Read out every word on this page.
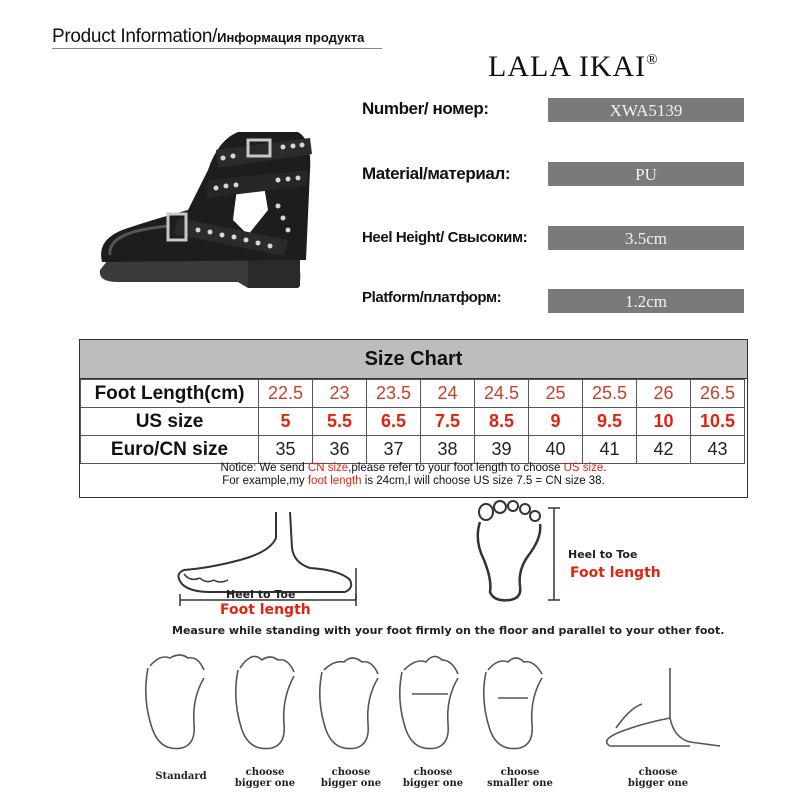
Product Information/Информация продукта
LALA IKAI®
Number/ номер:	XWA5139
Material/материал:	PU
Heel Height/ Свысоким:	3.5cm
Platform/платформ:	1.2cm
Size Chart
Foot Length(cm)	22.5	23	23.5	24	24.5	25	25.5	26	26.5
US size	5	5.5	6.5	7.5	8.5	9	9.5	10	10.5
Euro/CN size	35	36	37	38	39	40	41	42	43
Notice: We send CN size,please refer to your foot length to choose US size.
For example,my foot length is 24cm,I will choose US size 7.5 = CN size 38.
Heel to Toe
Foot length
Heel to Toe
Foot length
Measure while standing with your foot firmly on the floor and parallel to your other foot.
Standard	choose
bigger one
choose
bigger one
choose
bigger one
choose
smaller one
choose
bigger one
